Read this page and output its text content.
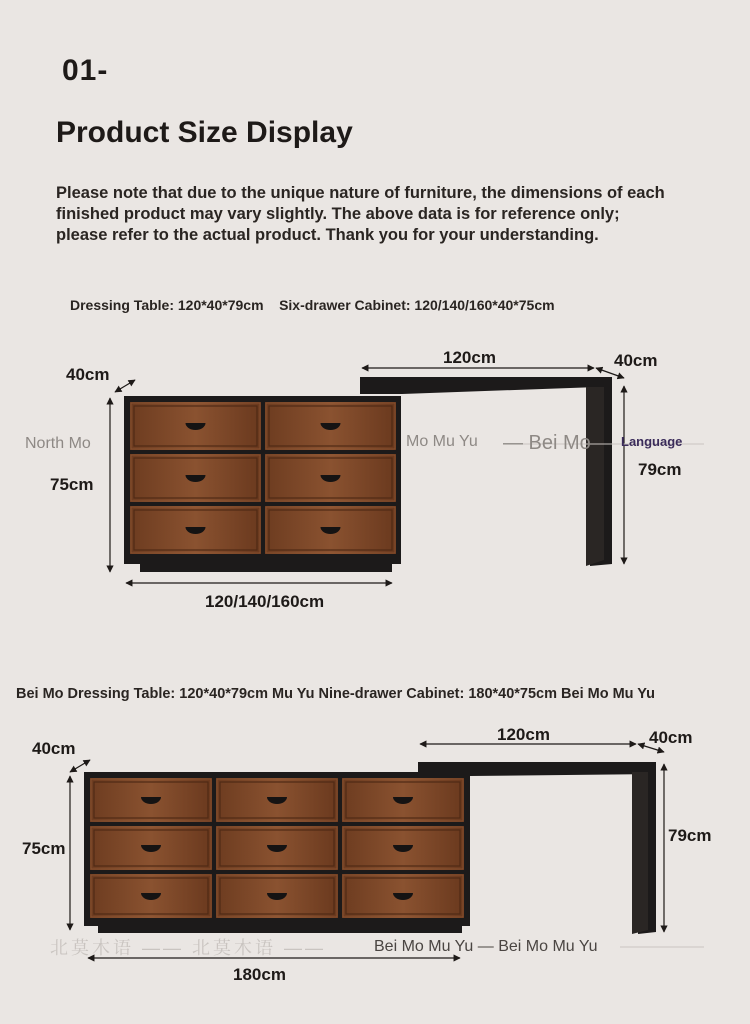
01-
Product Size Display
Please note that due to the unique nature of furniture, the dimensions of each finished product may vary slightly. The above data is for reference only; please refer to the actual product. Thank you for your understanding.
Dressing Table: 120*40*79cm    Six-drawer Cabinet: 120/140/160*40*75cm
40cm
75cm
120/140/160cm
120cm	40cm
79cm
North Mo	Mo Mu Yu — Bei Mo Language
Bei Mo Dressing Table: 120*40*79cm Mu Yu Nine-drawer Cabinet: 180*40*75cm Bei Mo Mu Yu
40cm
75cm
180cm
120cm	40cm
79cm
北莫木语 —— 北莫木语 ——	Bei Mo Mu Yu — Bei Mo Mu Yu
